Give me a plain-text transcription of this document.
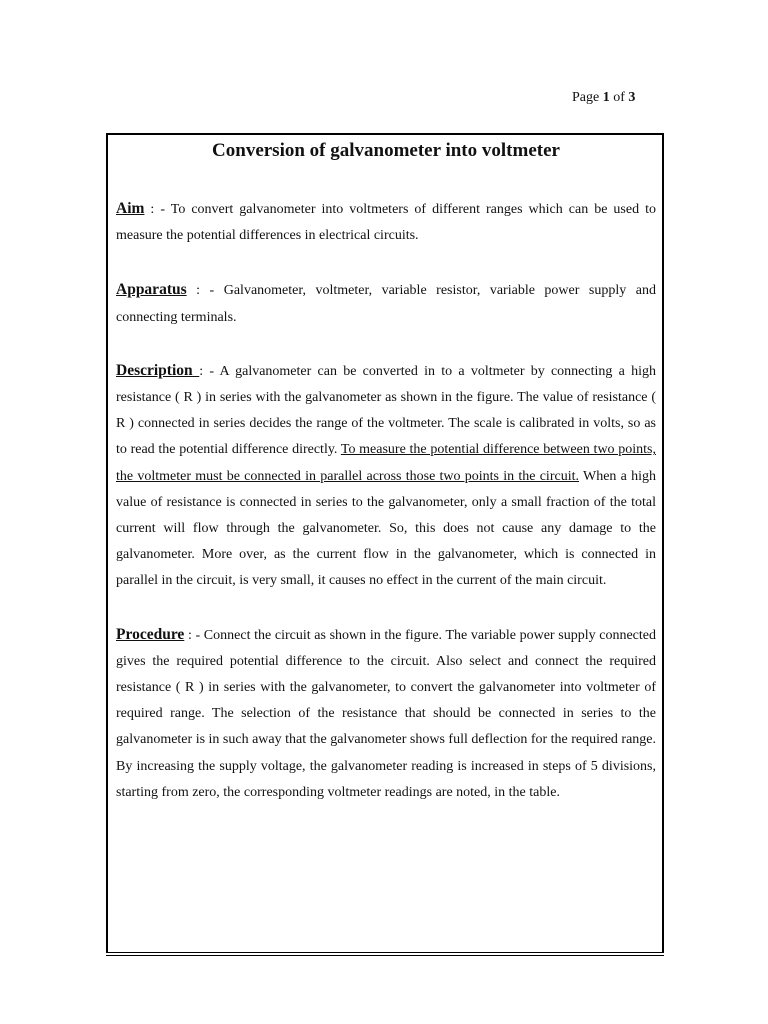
Page 1 of 3
Conversion of galvanometer into voltmeter

Aim : - To convert galvanometer into voltmeters of different ranges which can be used to measure the potential differences in electrical circuits.

Apparatus : - Galvanometer, voltmeter, variable resistor, variable power supply and connecting terminals.

Description : - A galvanometer can be converted in to a voltmeter by connecting a high resistance ( R ) in series with the galvanometer as shown in the figure. The value of resistance ( R ) connected in series decides the range of the voltmeter. The scale is calibrated in volts, so as to read the potential difference directly. To measure the potential difference between two points, the voltmeter must be connected in parallel across those two points in the circuit. When a high value of resistance is connected in series to the galvanometer, only a small fraction of the total current will flow through the galvanometer. So, this does not cause any damage to the galvanometer. More over, as the current flow in the galvanometer, which is connected in parallel in the circuit, is very small, it causes no effect in the current of the main circuit.

Procedure : - Connect the circuit as shown in the figure. The variable power supply connected gives the required potential difference to the circuit. Also select and connect the required resistance ( R ) in series with the galvanometer, to convert the galvanometer into voltmeter of required range. The selection of the resistance that should be connected in series to the galvanometer is in such away that the galvanometer shows full deflection for the required range. By increasing the supply voltage, the galvanometer reading is increased in steps of 5 divisions, starting from zero, the corresponding voltmeter readings are noted, in the table.
